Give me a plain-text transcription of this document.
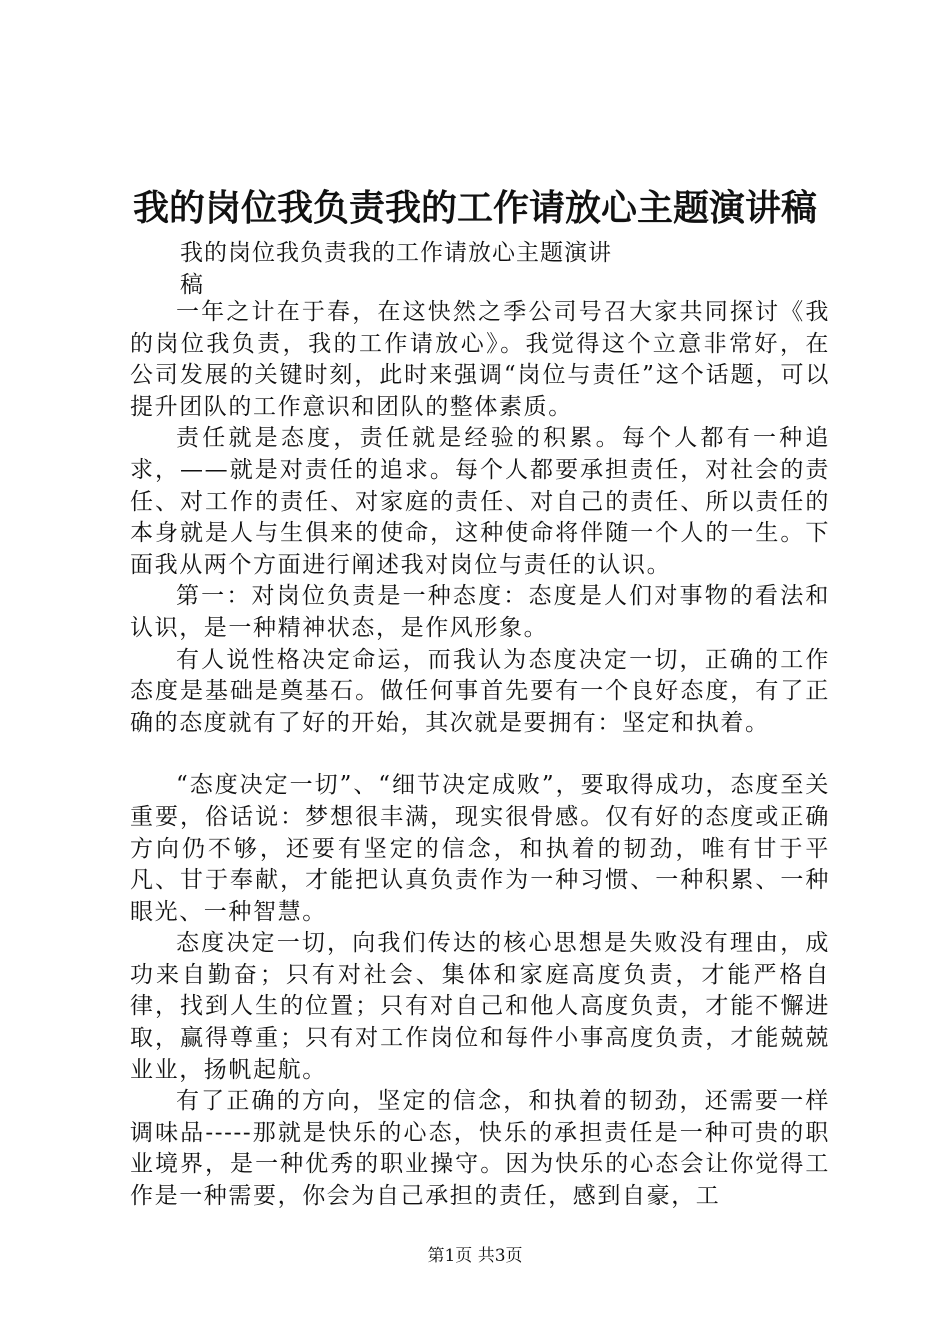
我的岗位我负责我的工作请放心主题演讲稿
我的岗位我负责我的工作请放心主题演讲
稿

一年之计在于春，在这快然之季公司号召大家共同探讨《我的岗位我负责，我的工作请放心》。我觉得这个立意非常好，在公司发展的关键时刻，此时来强调“岗位与责任”这个话题，可以提升团队的工作意识和团队的整体素质。

责任就是态度，责任就是经验的积累。每个人都有一种追求，——就是对责任的追求。每个人都要承担责任，对社会的责任、对工作的责任、对家庭的责任、对自己的责任、所以责任的本身就是人与生俱来的使命，这种使命将伴随一个人的一生。下面我从两个方面进行阐述我对岗位与责任的认识。

第一：对岗位负责是一种态度：态度是人们对事物的看法和认识，是一种精神状态，是作风形象。

有人说性格决定命运，而我认为态度决定一切，正确的工作态度是基础是奠基石。做任何事首先要有一个良好态度，有了正确的态度就有了好的开始，其次就是要拥有：坚定和执着。

“态度决定一切”、“细节决定成败”，要取得成功，态度至关重要，俗话说：梦想很丰满，现实很骨感。仅有好的态度或正确方向仍不够，还要有坚定的信念，和执着的韧劲，唯有甘于平凡、甘于奉献，才能把认真负责作为一种习惯、一种积累、一种眼光、一种智慧。

态度决定一切，向我们传达的核心思想是失败没有理由，成功来自勤奋；只有对社会、集体和家庭高度负责，才能严格自律，找到人生的位置；只有对自己和他人高度负责，才能不懈进取，赢得尊重；只有对工作岗位和每件小事高度负责，才能兢兢业业，扬帆起航。

有了正确的方向，坚定的信念，和执着的韧劲，还需要一样调味品-----那就是快乐的心态，快乐的承担责任是一种可贵的职业境界，是一种优秀的职业操守。因为快乐的心态会让你觉得工作是一种需要，你会为自己承担的责任，感到自豪，工

第1页 共3页
